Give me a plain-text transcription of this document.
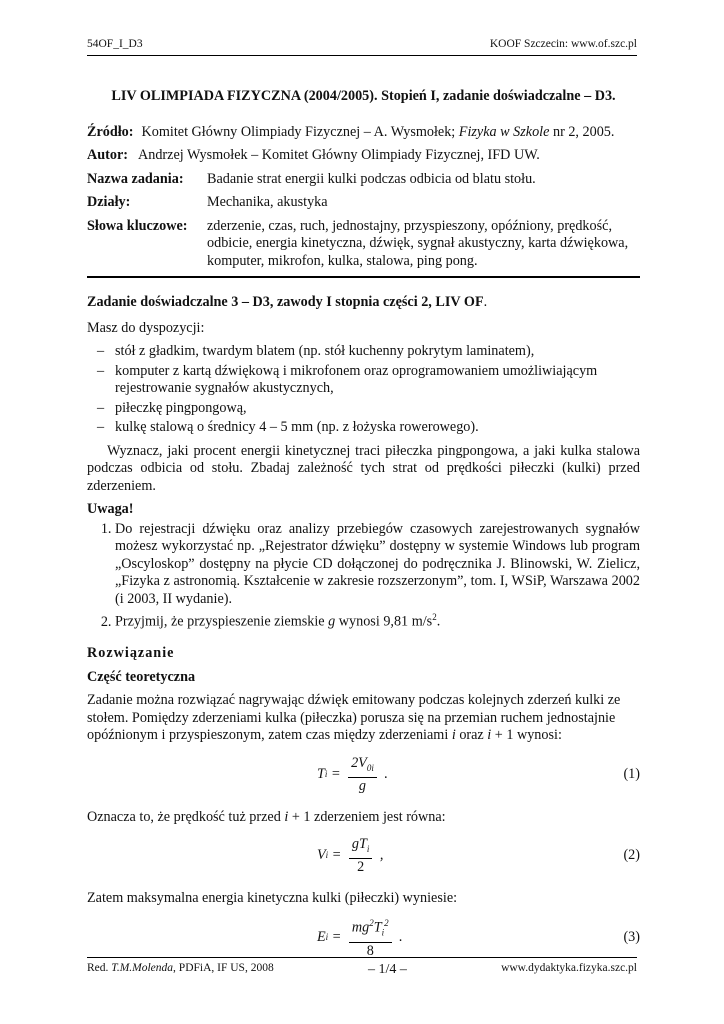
54OF_I_D3	KOOF Szczecin: www.of.szc.pl
LIV OLIMPIADA FIZYCZNA (2004/2005). Stopień I, zadanie doświadczalne – D3.
Źródło: Komitet Główny Olimpiady Fizycznej – A. Wysmołek; Fizyka w Szkole nr 2, 2005.
Autor: Andrzej Wysmołek – Komitet Główny Olimpiady Fizycznej, IFD UW.
Nazwa zadania:	Badanie strat energii kulki podczas odbicia od blatu stołu.
Działy:	Mechanika, akustyka
Słowa kluczowe:	zderzenie, czas, ruch, jednostajny, przyspieszony, opóźniony, prędkość, odbicie, energia kinetyczna, dźwięk, sygnał akustyczny, karta dźwiękowa, komputer, mikrofon, kulka, stalowa, ping pong.
Zadanie doświadczalne 3 – D3, zawody I stopnia części 2, LIV OF.

Masz do dyspozycji:

– stół z gładkim, twardym blatem (np. stół kuchenny pokrytym laminatem),
– komputer z kartą dźwiękową i mikrofonem oraz oprogramowaniem umożliwiającym rejestrowanie sygnałów akustycznych,
– piłeczkę pingpongową,
– kulkę stalową o średnicy 4 – 5 mm (np. z łożyska rowerowego).

Wyznacz, jaki procent energii kinetycznej traci piłeczka pingpongowa, a jaki kulka stalowa podczas odbicia od stołu. Zbadaj zależność tych strat od prędkości piłeczki (kulki) przed zderzeniem.

Uwaga!
1. Do rejestracji dźwięku oraz analizy przebiegów czasowych zarejestrowanych sygnałów możesz wykorzystać np. „Rejestrator dźwięku” dostępny w systemie Windows lub program „Oscyloskop” dostępny na płycie CD dołączonej do podręcznika J. Blinowski, W. Zielicz, „Fizyka z astronomią. Kształcenie w zakresie rozszerzonym”, tom. I, WSiP, Warszawa 2002 (i 2003, II wydanie).
2. Przyjmij, że przyspieszenie ziemskie g wynosi 9,81 $m/s^2$.
Rozwiązanie
Część teoretyczna

Zadanie można rozwiązać nagrywając dźwięk emitowany podczas kolejnych zderzeń kulki ze stołem. Pomiędzy zderzeniami kulka (piłeczka) porusza się na przemian ruchem jednostajnie opóźnionym i przyspieszonym, zatem czas między zderzeniami i oraz i + 1 wynosi:

T $i = \frac{2V_{0i}}{g}$ .	(1)

Oznacza to, że prędkość tuż przed i + 1 zderzeniem jest równa:

V $i = \frac{gT_i}{2}$ ,	(2)

Zatem maksymalna energia kinetyczna kulki (piłeczki) wyniesie:

E $i = \frac{mg^2T_i^2}{8}$ .	(3)
Red. T.M.Molenda, PDFiA, IF US, 2008	– 1/4 –	www.dydaktyka.fizyka.szc.pl
